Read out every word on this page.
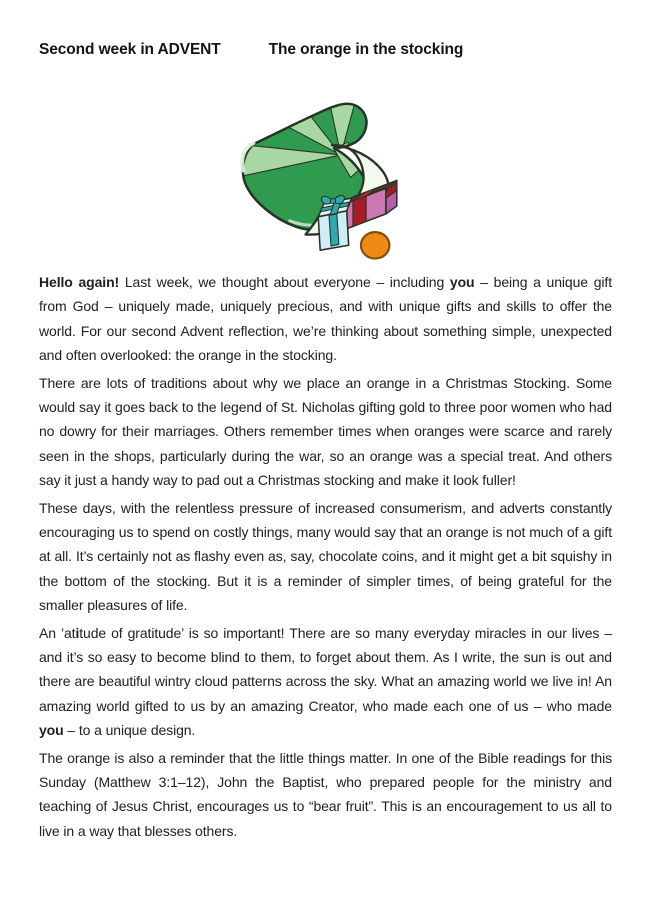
Second week in ADVENT	The orange in the stocking

Hello again! Last week, we thought about everyone – including you – being a unique gift from God – uniquely made, uniquely precious, and with unique gifts and skills to offer the world. For our second Advent reflection, we’re thinking about something simple, unexpected and often overlooked: the orange in the stocking.

There are lots of traditions about why we place an orange in a Christmas Stocking. Some would say it goes back to the legend of St. Nicholas gifting gold to three poor women who had no dowry for their marriages. Others remember times when oranges were scarce and rarely seen in the shops, particularly during the war, so an orange was a special treat. And others say it just a handy way to pad out a Christmas stocking and make it look fuller!

These days, with the relentless pressure of increased consumerism, and adverts constantly encouraging us to spend on costly things, many would say that an orange is not much of a gift at all. It’s certainly not as flashy even as, say, chocolate coins, and it might get a bit squishy in the bottom of the stocking. But it is a reminder of simpler times, of being grateful for the smaller pleasures of life.

An ’atitude of gratitude’ is so important! There are so many everyday miracles in our lives – and it’s so easy to become blind to them, to forget about them. As I write, the sun is out and there are beautiful wintry cloud patterns across the sky. What an amazing world we live in! An amazing world gifted to us by an amazing Creator, who made each one of us – who made you – to a unique design.

The orange is also a reminder that the little things matter. In one of the Bible readings for this Sunday (Matthew 3:1–12), John the Baptist, who prepared people for the ministry and teaching of Jesus Christ, encourages us to “bear fruit”. This is an encouragement to us all to live in a way that blesses others.
